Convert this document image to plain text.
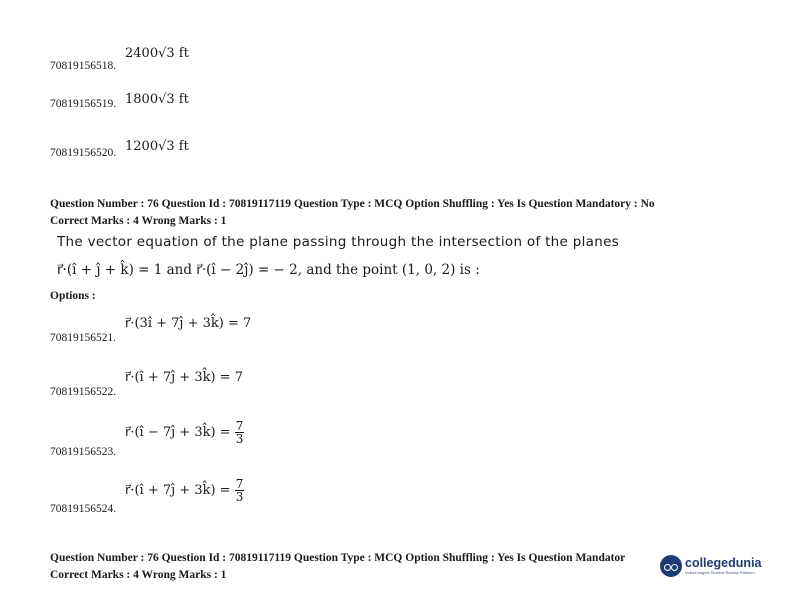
70819156518.
2400√3 ft
70819156519. 1800√3 ft
70819156520. 1200√3 ft
Question Number : 76 Question Id : 70819117119 Question Type : MCQ Option Shuffling : Yes Is Question Mandatory : No
Correct Marks : 4 Wrong Marks : 1
The vector equation of the plane passing through the intersection of the planes
r⃗·(î + ĵ + k̂) = 1 and r⃗·(î − 2ĵ) = − 2, and the point (1, 0, 2) is :
Options :
r⃗·(3î + 7ĵ + 3k̂) = 7
70819156521.
r⃗·(î + 7ĵ + 3k̂) = 7
70819156522.
r⃗·(î − 7ĵ + 3k̂) = $\frac{7}{3}$
70819156523.
r⃗·(î + 7ĵ + 3k̂) = $\frac{7}{3}$
70819156524.
Question Number : 76 Question Id : 70819117119 Question Type : MCQ Option Shuffling : Yes Is Question Mandator
Correct Marks : 4 Wrong Marks : 1
collegedunia
India's largest Student Review Platform
